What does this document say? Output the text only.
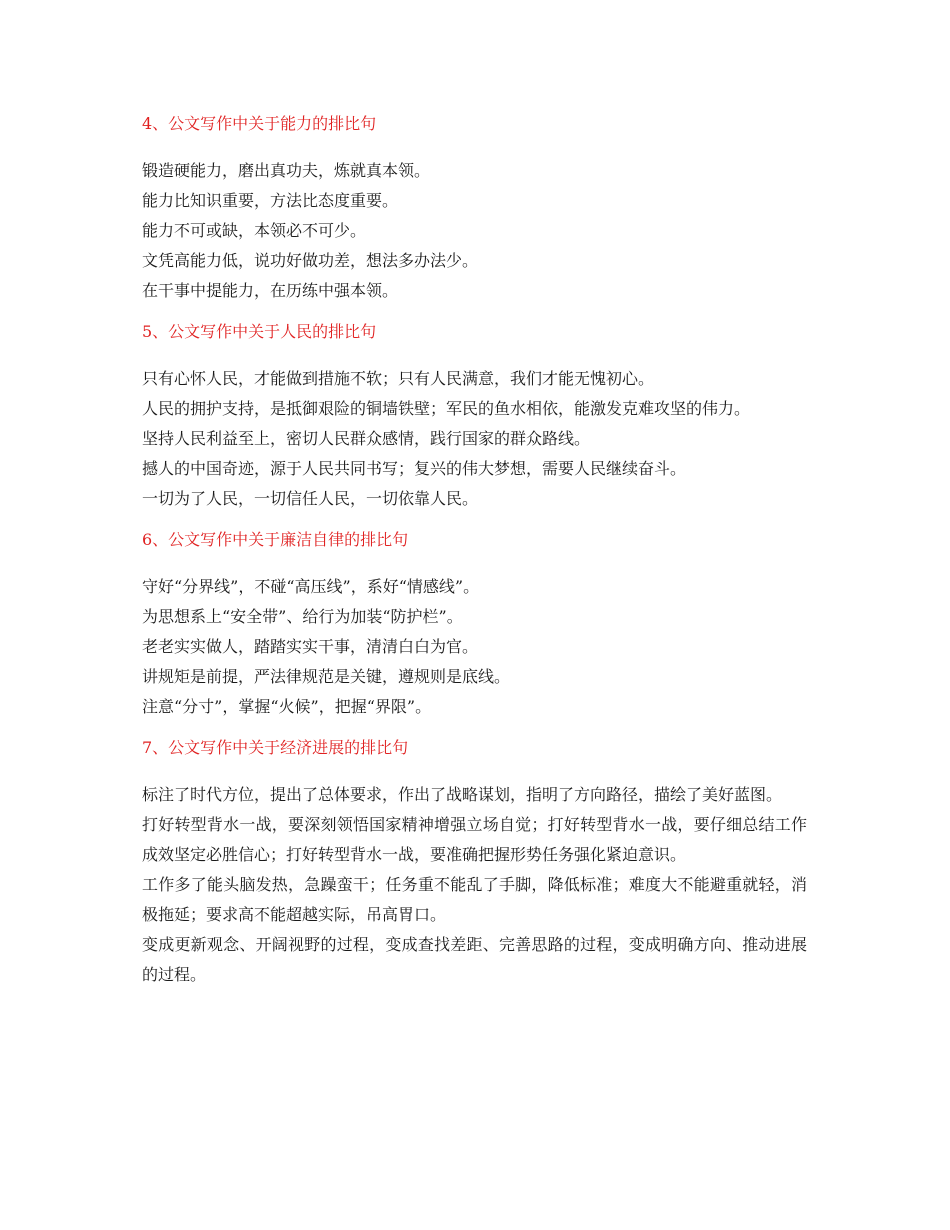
4、公文写作中关于能力的排比句

锻造硬能力，磨出真功夫，炼就真本领。

能力比知识重要，方法比态度重要。

能力不可或缺，本领必不可少。

文凭高能力低，说功好做功差，想法多办法少。

在干事中提能力，在历练中强本领。

5、公文写作中关于人民的排比句

只有心怀人民，才能做到措施不软；只有人民满意，我们才能无愧初心。

人民的拥护支持，是抵御艰险的铜墙铁壁；军民的鱼水相依，能激发克难攻坚的伟力。

坚持人民利益至上，密切人民群众感情，践行国家的群众路线。

撼人的中国奇迹，源于人民共同书写；复兴的伟大梦想，需要人民继续奋斗。

一切为了人民，一切信任人民，一切依靠人民。

6、公文写作中关于廉洁自律的排比句

守好“分界线”，不碰“高压线”，系好“情感线”。

为思想系上“安全带”、给行为加装“防护栏”。

老老实实做人，踏踏实实干事，清清白白为官。

讲规矩是前提，严法律规范是关键，遵规则是底线。

注意“分寸”，掌握“火候”，把握“界限”。

7、公文写作中关于经济进展的排比句

标注了时代方位，提出了总体要求，作出了战略谋划，指明了方向路径，描绘了美好蓝图。

打好转型背水一战，要深刻领悟国家精神增强立场自觉；打好转型背水一战，要仔细总结工作成效坚定必胜信心；打好转型背水一战，要准确把握形势任务强化紧迫意识。

工作多了能头脑发热，急躁蛮干；任务重不能乱了手脚，降低标准；难度大不能避重就轻，消极拖延；要求高不能超越实际，吊高胃口。

变成更新观念、开阔视野的过程，变成查找差距、完善思路的过程，变成明确方向、推动进展的过程。
